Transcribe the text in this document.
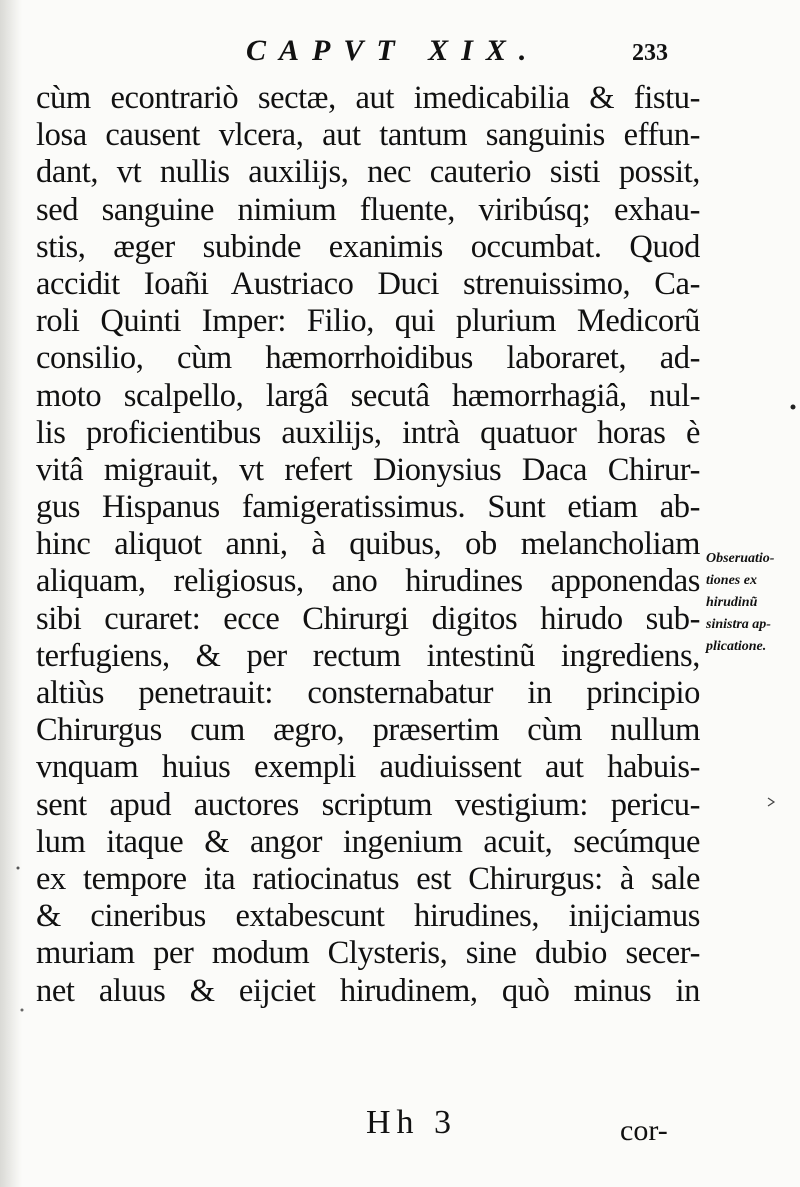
CAPVT XIX.	233
cùm econtrariò sectæ, aut imedicabilia & fistu-
losa causent vlcera, aut tantum sanguinis effun-
dant, vt nullis auxilijs, nec cauterio sisti possit,
sed sanguine nimium fluente, viribúsq; exhau-
stis, æger subinde exanimis occumbat. Quod
accidit Ioañi Austriaco Duci strenuissimo, Ca-
roli Quinti Imper: Filio, qui plurium Medicorũ
consilio, cùm hæmorrhoidibus laboraret, ad-
moto scalpello, largâ secutâ hæmorrhagiâ, nul-
lis proficientibus auxilijs, intrà quatuor horas è
vitâ migrauit, vt refert Dionysius Daca Chirur-
gus Hispanus famigeratissimus. Sunt etiam ab-
hinc aliquot anni, à quibus, ob melancholiam
aliquam, religiosus, ano hirudines apponendas
sibi curaret: ecce Chirurgi digitos hirudo sub-
terfugiens, & per rectum intestinũ ingrediens,
altiùs penetrauit: consternabatur in principio
Chirurgus cum ægro, præsertim cùm nullum
vnquam huius exempli audiuissent aut habuis-
sent apud auctores scriptum vestigium: pericu-
lum itaque & angor ingenium acuit, secúmque
ex tempore ita ratiocinatus est Chirurgus: à sale
& cineribus extabescunt hirudines, inijciamus
muriam per modum Clysteris, sine dubio secer-
net aluus & eijciet hirudinem, quò minus in
Obseruatio-
tiones ex
hirudinũ
sinistra ap-
plicatione.
Hh 3	cor-
